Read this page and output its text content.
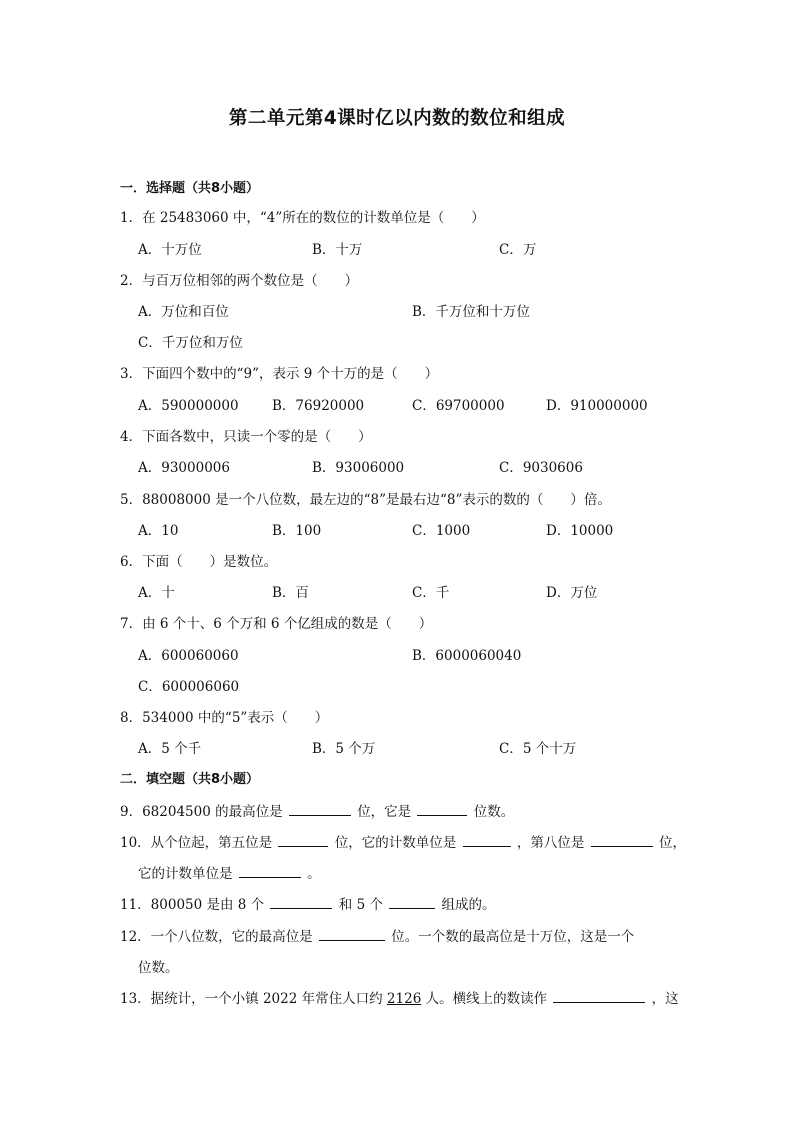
第二单元第4课时亿以内数的数位和组成
一．选择题（共8小题）
1．在 25483060 中，“4”所在的数位的计数单位是（　　）
A．十万位	B．十万	C．万
2．与百万位相邻的两个数位是（　　）
A．万位和百位	B．千万位和十万位
C．千万位和万位
3．下面四个数中的“9”，表示 9 个十万的是（　　）
A．590000000 B．76920000	C．69700000	D．910000000
4．下面各数中，只读一个零的是（　　）
A．93000006	B．93006000	C．9030606
5．88008000 是一个八位数，最左边的“8”是最右边“8”表示的数的（　　）倍。
A．10	B．100	C．1000	D．10000
6．下面（　　）是数位。
A．十	B．百	C．千	D．万位
7．由 6 个十、6 个万和 6 个亿组成的数是（　　）
A．600060060	B．6000060040
C．600006060
8．534000 中的“5”表示（　　）
A．5 个千	B．5 个万	C．5 个十万
二．填空题（共8小题）
9．68204500 的最高位是	位，它是	位数。
10．从个位起，第五位是	位，它的计数单位是	，第八位是	位，
它的计数单位是	。
11．800050 是由 8 个	和 5 个	组成的。
12．一个八位数，它的最高位是	位。一个数的最高位是十万位，这是一个
位数。
13．据统计，一个小镇 2022 年常住人口约 2126 人。横线上的数读作	，这
